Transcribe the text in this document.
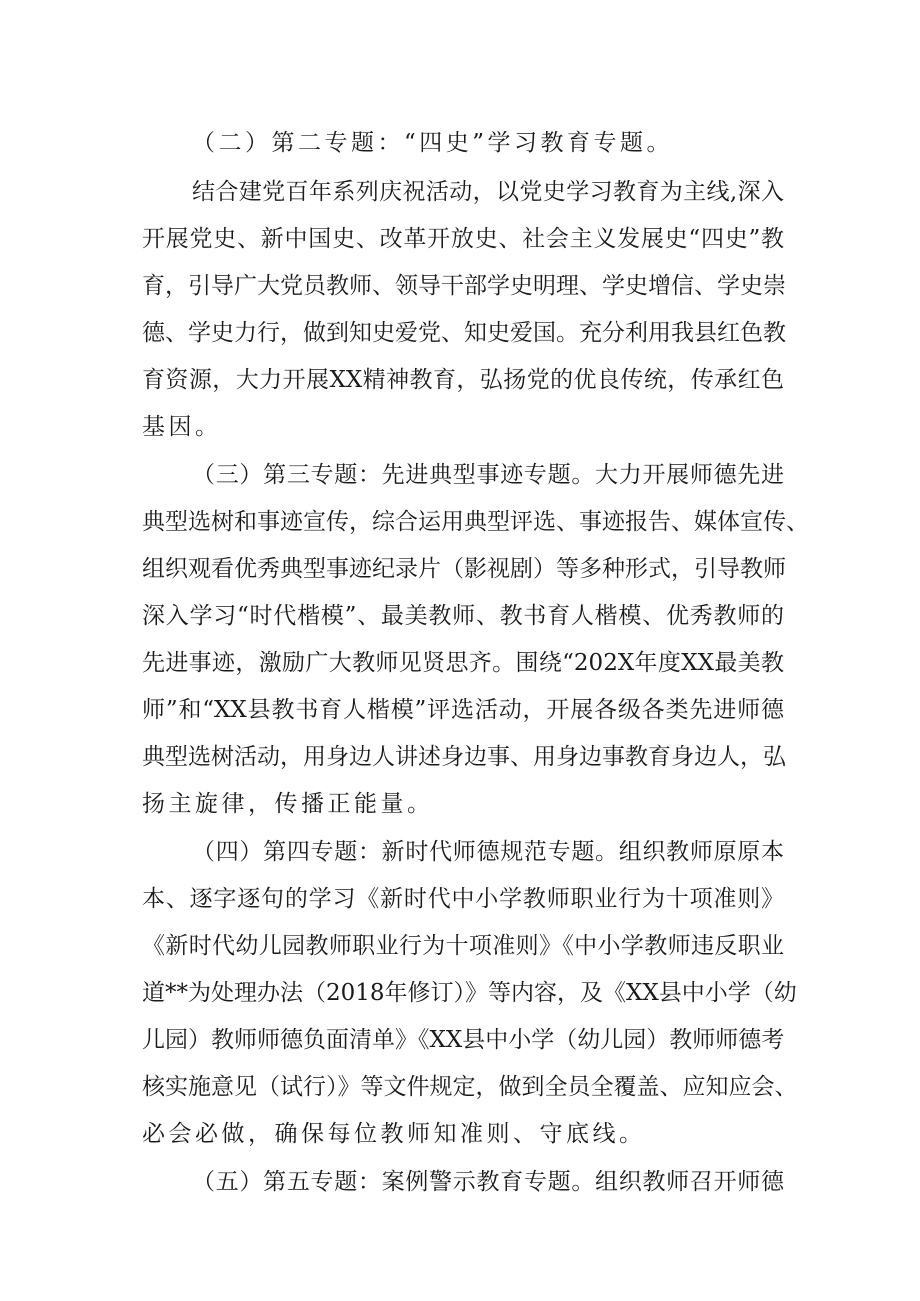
（二）第二专题：“四史”学习教育专题。
结合建党百年系列庆祝活动，以党史学习教育为主线,深入
开展党史、新中国史、改革开放史、社会主义发展史“四史”教
育，引导广大党员教师、领导干部学史明理、学史增信、学史崇
德、学史力行，做到知史爱党、知史爱国。充分利用我县红色教
育资源，大力开展XX精神教育，弘扬党的优良传统，传承红色
基因。
（三）第三专题：先进典型事迹专题。大力开展师德先进
典型选树和事迹宣传，综合运用典型评选、事迹报告、媒体宣传、
组织观看优秀典型事迹纪录片（影视剧）等多种形式，引导教师
深入学习“时代楷模”、最美教师、教书育人楷模、优秀教师的
先进事迹，激励广大教师见贤思齐。围绕“202X年度XX最美教
师”和“XX县教书育人楷模”评选活动，开展各级各类先进师德
典型选树活动，用身边人讲述身边事、用身边事教育身边人，弘
扬主旋律，传播正能量。
（四）第四专题：新时代师德规范专题。组织教师原原本
本、逐字逐句的学习《新时代中小学教师职业行为十项准则》
《新时代幼儿园教师职业行为十项准则》《中小学教师违反职业
道**为处理办法（2018年修订）》等内容，及《XX县中小学（幼
儿园）教师师德负面清单》《XX县中小学（幼儿园）教师师德考
核实施意见（试行）》等文件规定，做到全员全覆盖、应知应会、
必会必做，确保每位教师知准则、守底线。
（五）第五专题：案例警示教育专题。组织教师召开师德
